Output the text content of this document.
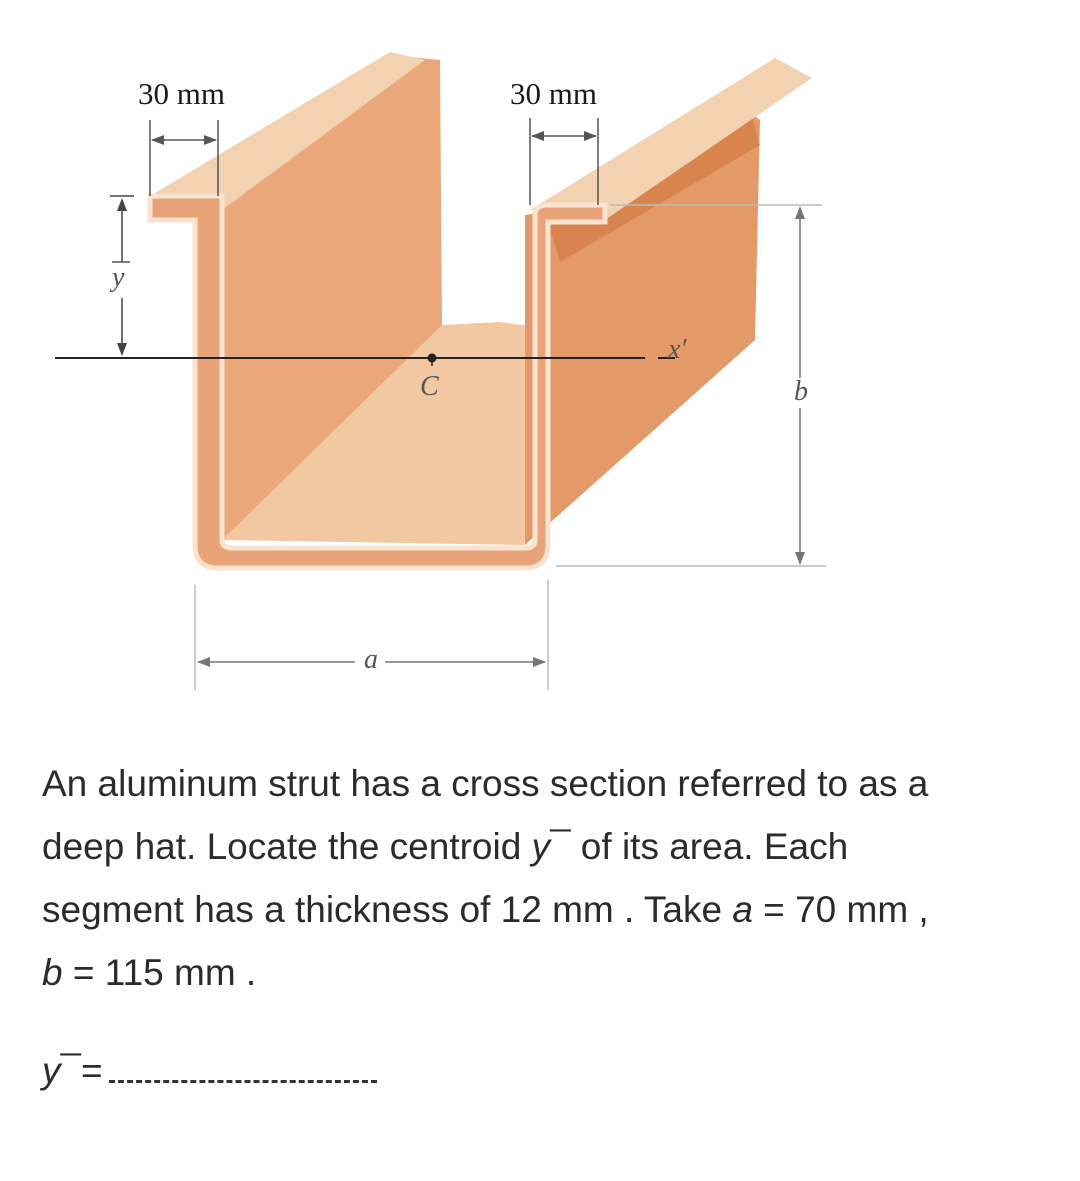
x′
C
y
30 mm	30 mm
b
a
An aluminum strut has a cross section referred to as a
deep hat. Locate the centroid y¯ of its area. Each
segment has a thickness of 12 mm . Take a = 70 mm ,
b = 115 mm .
y¯ =
